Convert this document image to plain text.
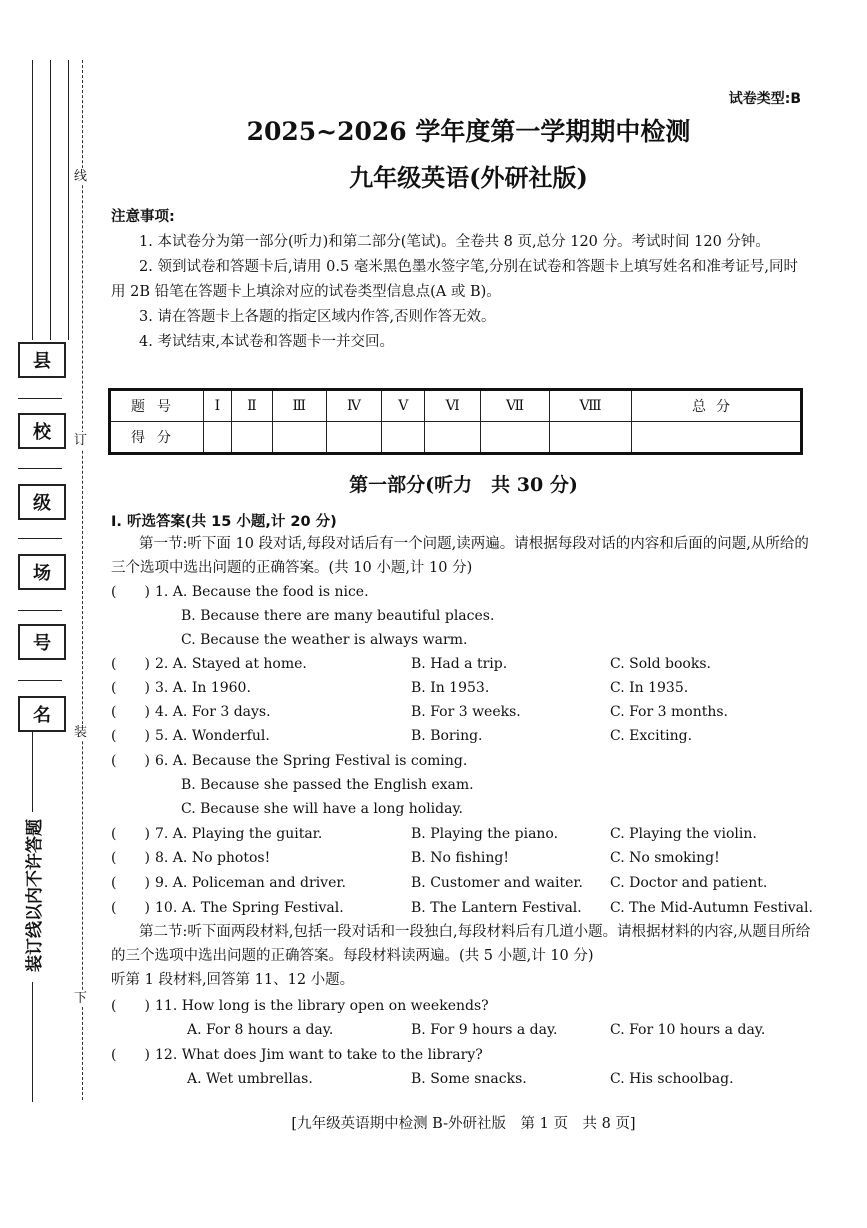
县
校
级
场
号
名
装订线以内不许答题
线
订
装
下
试卷类型:B
2025~2026 学年度第一学期期中检测
九年级英语(外研社版)
注意事项:

1. 本试卷分为第一部分(听力)和第二部分(笔试)。全卷共 8 页,总分 120 分。考试时间 120 分钟。

2. 领到试卷和答题卡后,请用 0.5 毫米黑色墨水签字笔,分别在试卷和答题卡上填写姓名和准考证号,同时用 2B 铅笔在答题卡上填涂对应的试卷类型信息点(A 或 B)。

3. 请在答题卡上各题的指定区域内作答,否则作答无效。

4. 考试结束,本试卷和答题卡一并交回。

题号	Ⅰ	Ⅱ	Ⅲ	Ⅳ	Ⅴ	Ⅵ	Ⅶ	Ⅷ	总分
得分									
第一部分(听力　共 30 分)
Ⅰ. 听选答案(共 15 小题,计 20 分)

第一节:听下面 10 段对话,每段对话后有一个问题,读两遍。请根据每段对话的内容和后面的问题,从所给的三个选项中选出问题的正确答案。(共 10 小题,计 10 分)

(　　) 1. A. Because the food is nice.
B. Because there are many beautiful places.
C. Because the weather is always warm.
(　　) 2. A. Stayed at home.	B. Had a trip.	C. Sold books.
(　　) 3. A. In 1960.	B. In 1953.	C. In 1935.
(　　) 4. A. For 3 days.	B. For 3 weeks.	C. For 3 months.
(　　) 5. A. Wonderful.	B. Boring.	C. Exciting.
(　　) 6. A. Because the Spring Festival is coming.
B. Because she passed the English exam.
C. Because she will have a long holiday.
(　　) 7. A. Playing the guitar.	B. Playing the piano.	C. Playing the violin.
(　　) 8. A. No photos!	B. No fishing!	C. No smoking!
(　　) 9. A. Policeman and driver.	B. Customer and waiter. C. Doctor and patient.
(　　) 10. A. The Spring Festival.	B. The Lantern Festival. C. The Mid-Autumn Festival.

第二节:听下面两段材料,包括一段对话和一段独白,每段材料后有几道小题。请根据材料的内容,从题目所给的三个选项中选出问题的正确答案。每段材料读两遍。(共 5 小题,计 10 分)

听第 1 段材料,回答第 11、12 小题。

(　　) 11. How long is the library open on weekends?
A. For 8 hours a day.	B. For 9 hours a day.	C. For 10 hours a day.
(　　) 12. What does Jim want to take to the library?
A. Wet umbrellas.	B. Some snacks.	C. His schoolbag.
[九年级英语期中检测 B-外研社版　第 1 页　共 8 页]
